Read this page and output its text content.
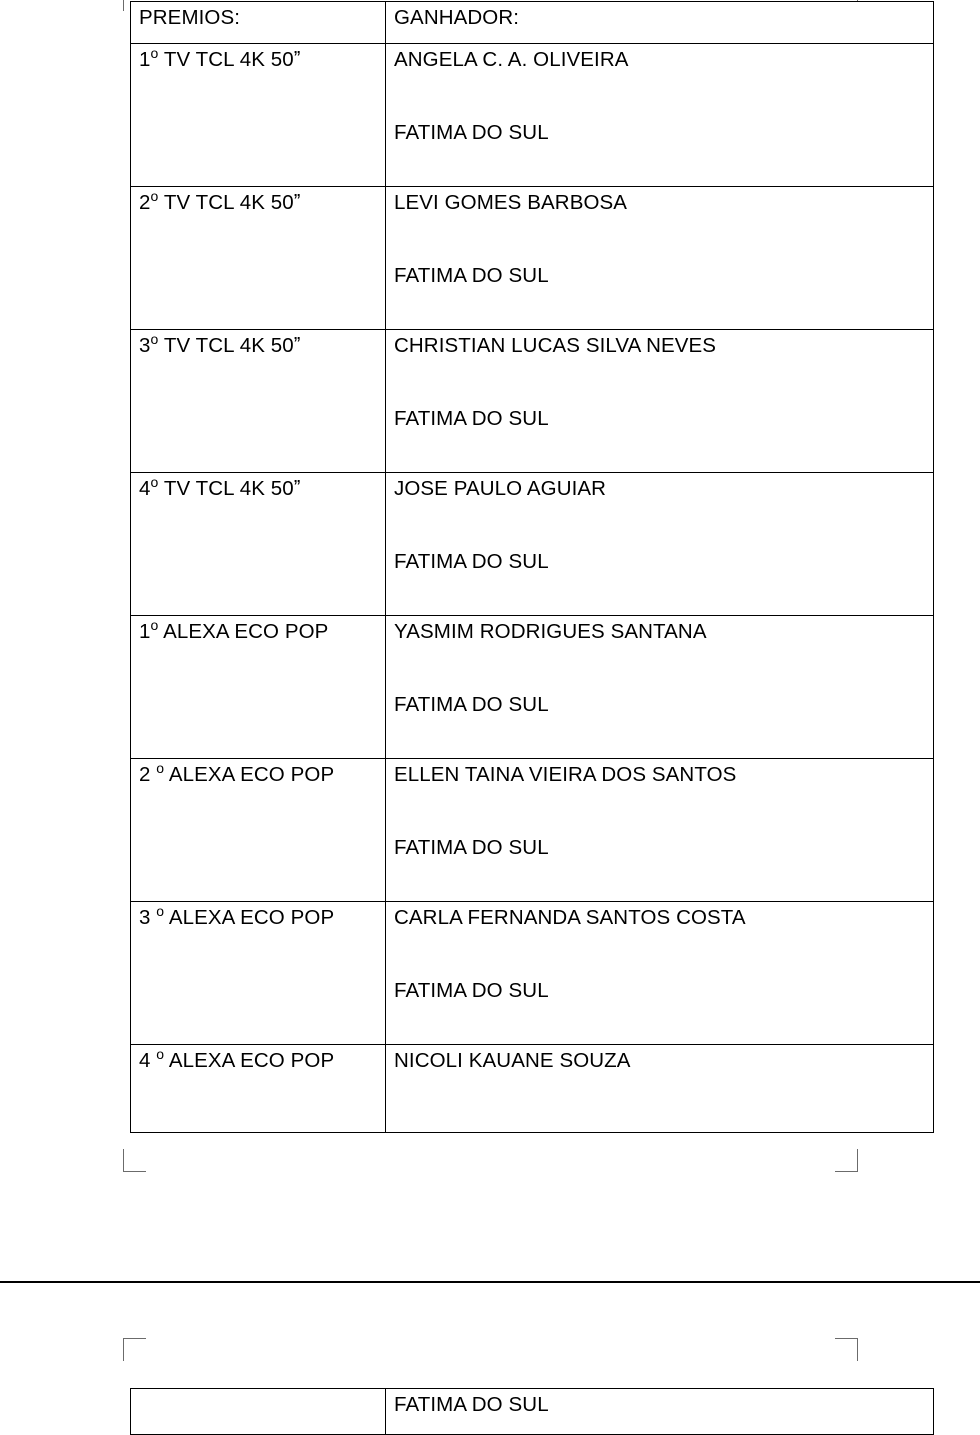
PREMIOS:	GANHADOR:

1$^o$ TV TCL 4K 50ˮ	ANGELA C. A. OLIVEIRA
FATIMA DO SUL

2$^o$ TV TCL 4K 50ˮ	LEVI GOMES BARBOSA
FATIMA DO SUL

3$^o$ TV TCL 4K 50ˮ	CHRISTIAN LUCAS SILVA NEVES
FATIMA DO SUL

4$^o$ TV TCL 4K 50ˮ	JOSE PAULO AGUIAR
FATIMA DO SUL

1$^o$ ALEXA ECO POP	YASMIM RODRIGUES SANTANA
FATIMA DO SUL

2 $^o$ ALEXA ECO POP	ELLEN TAINA VIEIRA DOS SANTOS
FATIMA DO SUL

3 $^o$ ALEXA ECO POP	CARLA FERNANDA SANTOS COSTA
FATIMA DO SUL

4 $^o$ ALEXA ECO POP	NICOLI KAUANE SOUZA

FATIMA DO SUL
